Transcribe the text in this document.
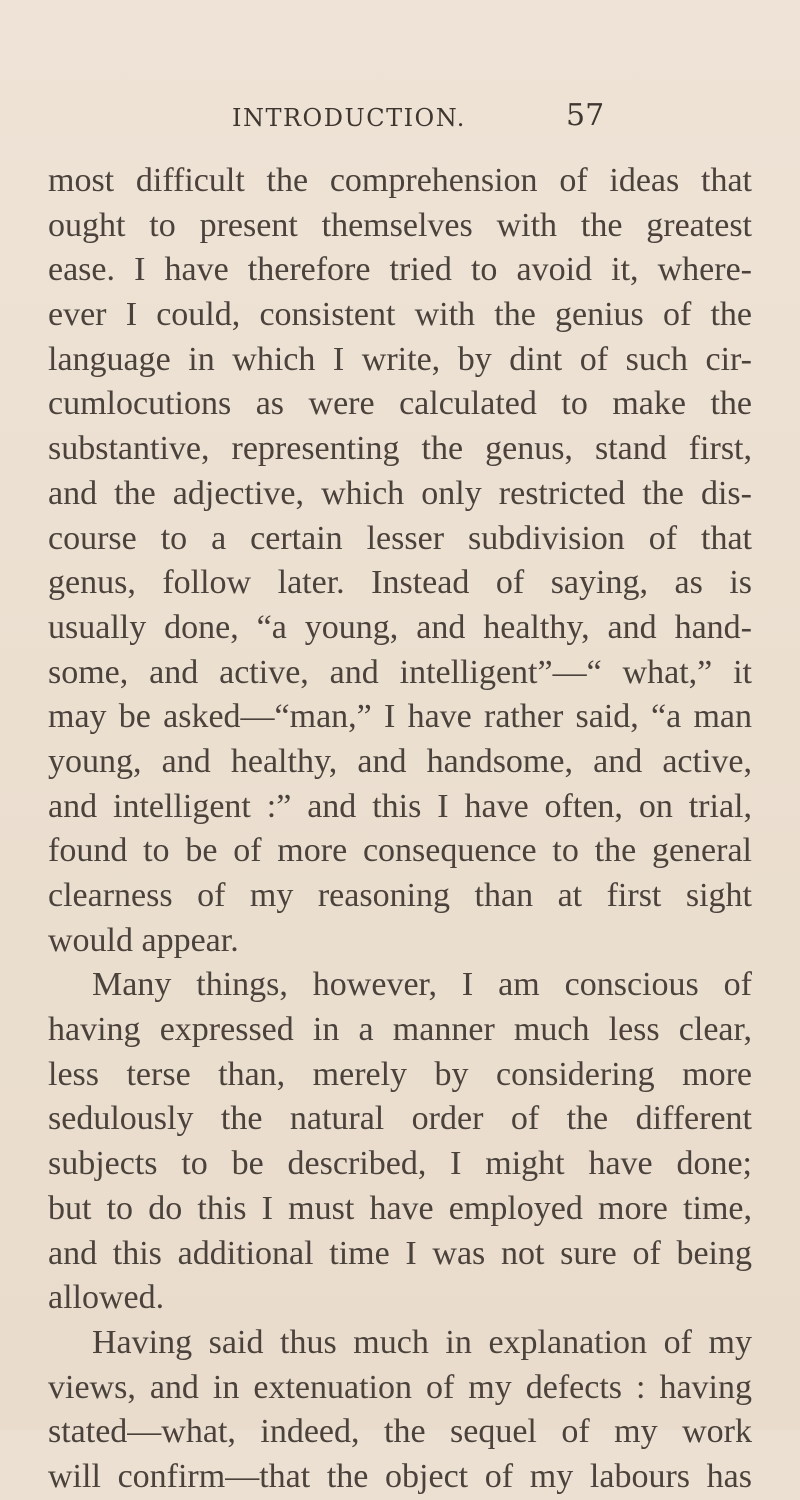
INTRODUCTION.	57
most difficult the comprehension of ideas that
ought to present themselves with the greatest
ease. I have therefore tried to avoid it, where-
ever I could, consistent with the genius of the
language in which I write, by dint of such cir-
cumlocutions as were calculated to make the
substantive, representing the genus, stand first,
and the adjective, which only restricted the dis-
course to a certain lesser subdivision of that
genus, follow later. Instead of saying, as is
usually done, “a young, and healthy, and hand-
some, and active, and intelligent”—“ what,” it
may be asked—“man,” I have rather said, “a man
young, and healthy, and handsome, and active,
and intelligent :” and this I have often, on trial,
found to be of more consequence to the general
clearness of my reasoning than at first sight
would appear.
Many things, however, I am conscious of
having expressed in a manner much less clear,
less terse than, merely by considering more
sedulously the natural order of the different
subjects to be described, I might have done;
but to do this I must have employed more time,
and this additional time I was not sure of being
allowed.
Having said thus much in explanation of my
views, and in extenuation of my defects : having
stated—what, indeed, the sequel of my work
will confirm—that the object of my labours has
